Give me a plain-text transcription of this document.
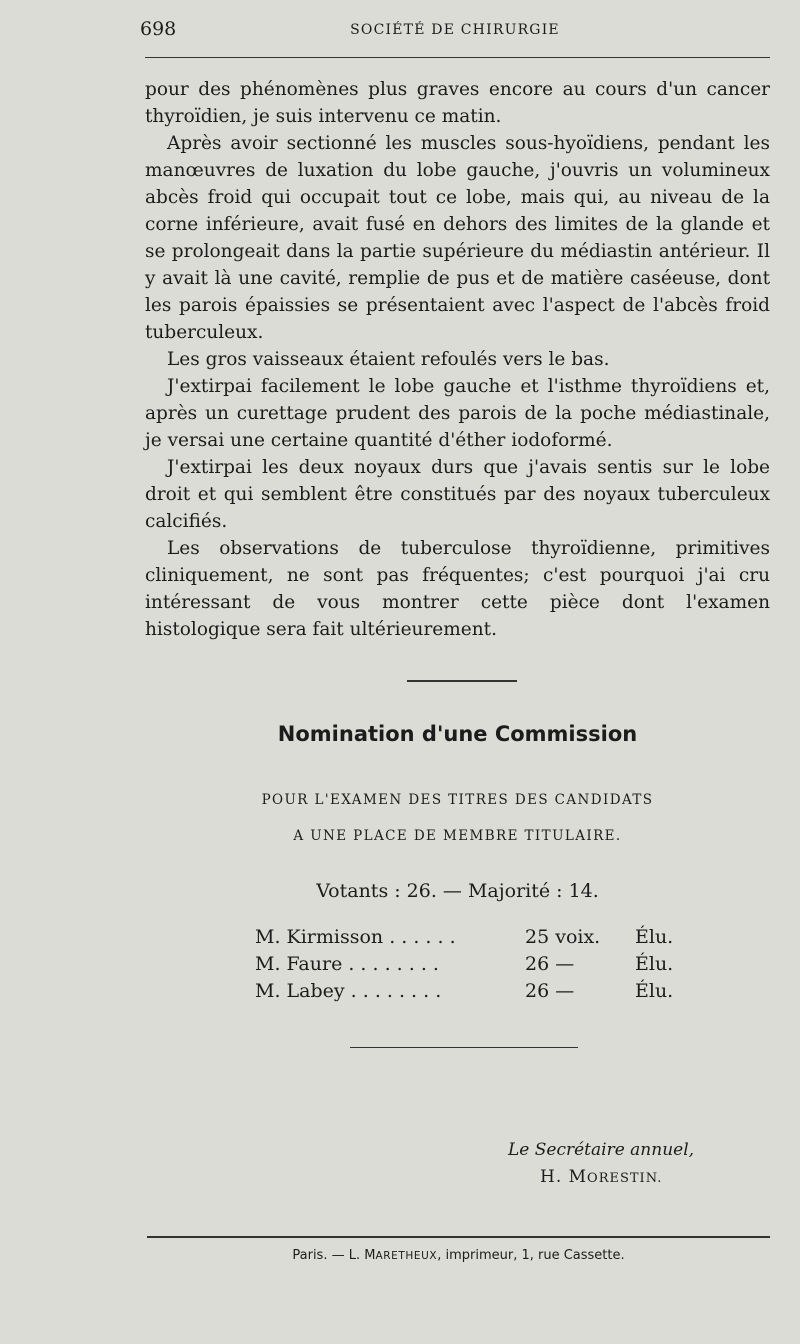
698	SOCIÉTÉ DE CHIRURGIE

pour des phénomènes plus graves encore au cours d'un cancer thyroïdien, je suis intervenu ce matin.

Après avoir sectionné les muscles sous-hyoïdiens, pendant les manœuvres de luxation du lobe gauche, j'ouvris un volumineux abcès froid qui occupait tout ce lobe, mais qui, au niveau de la corne inférieure, avait fusé en dehors des limites de la glande et se prolongeait dans la partie supérieure du médiastin antérieur. Il y avait là une cavité, remplie de pus et de matière caséeuse, dont les parois épaissies se présentaient avec l'aspect de l'abcès froid tuberculeux.

Les gros vaisseaux étaient refoulés vers le bas.

J'extirpai facilement le lobe gauche et l'isthme thyroïdiens et, après un curettage prudent des parois de la poche médiastinale, je versai une certaine quantité d'éther iodoformé.

J'extirpai les deux noyaux durs que j'avais sentis sur le lobe droit et qui semblent être constitués par des noyaux tuberculeux calcifiés.

Les observations de tuberculose thyroïdienne, primitives cliniquement, ne sont pas fréquentes; c'est pourquoi j'ai cru intéressant de vous montrer cette pièce dont l'examen histologique sera fait ultérieurement.

Nomination d'une Commission
POUR L'EXAMEN DES TITRES DES CANDIDATS
A UNE PLACE DE MEMBRE TITULAIRE.
Votants : 26. — Majorité : 14.
M. Kirmisson . . . . . .	25 voix. Élu.
M. Faure . . . . . . . .	26 —	Élu.
M. Labey . . . . . . . .	26 —	Élu.
Le Secrétaire annuel,
H. MORESTIN.
Paris. — L. MARETHEUX, imprimeur, 1, rue Cassette.
